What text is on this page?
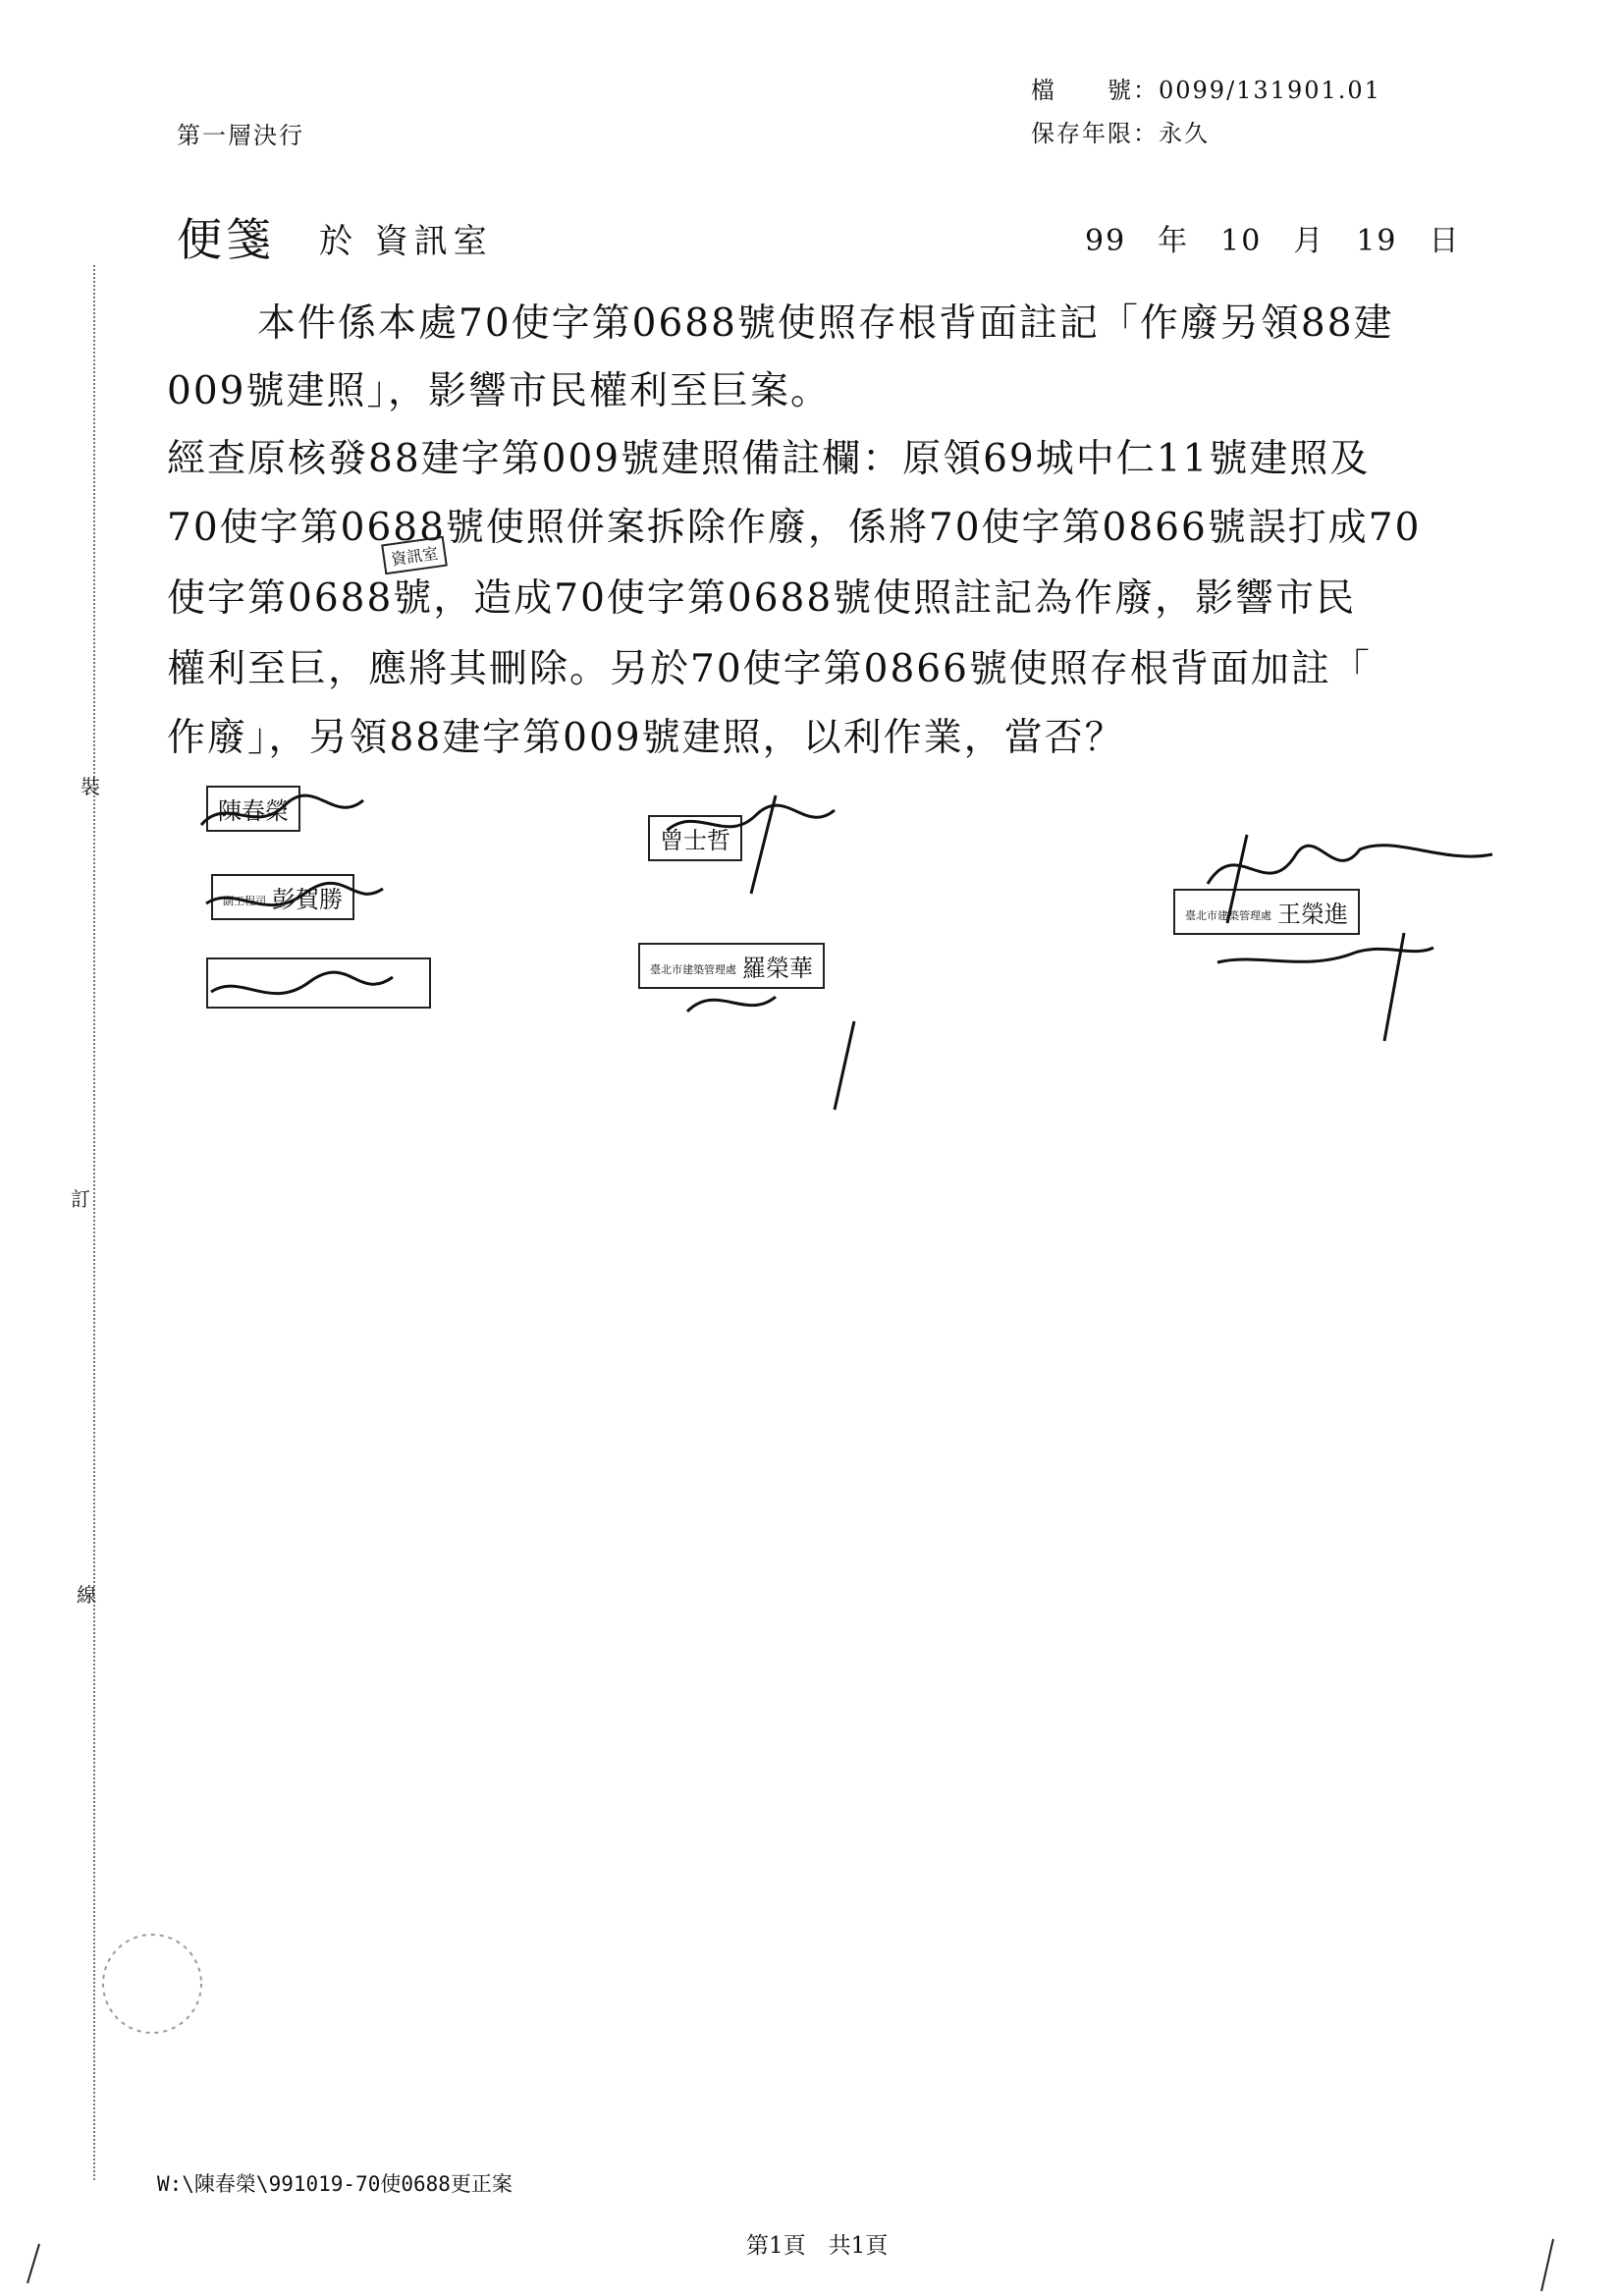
裝
訂
線
檔　　號：0099/131901.01
保存年限：永久
第一層決行
便箋 於 資訊室	99　年　10　月　19　日
本件係本處70使字第0688號使照存根背面註記「作廢另領88建
009號建照」，影響市民權利至巨案。
經查原核發88建字第009號建照備註欄：原領69城中仁11號建照及
70使字第0688號使照併案拆除作廢，係將70使字第0866號誤打成70
使字第0688號，造成70使字第0688號使照註記為作廢，影響市民
權利至巨，應將其刪除。另於70使字第0866號使照存根背面加註「
作廢」，另領88建字第009號建照，以利作業，當否？
資訊室
陳春榮
副工程司 彭賀勝
曾士哲
臺北市建築管理處 羅榮華
臺北市建築管理處 王榮進
W:\陳春榮\991019-70使0688更正案
第1頁　共1頁
